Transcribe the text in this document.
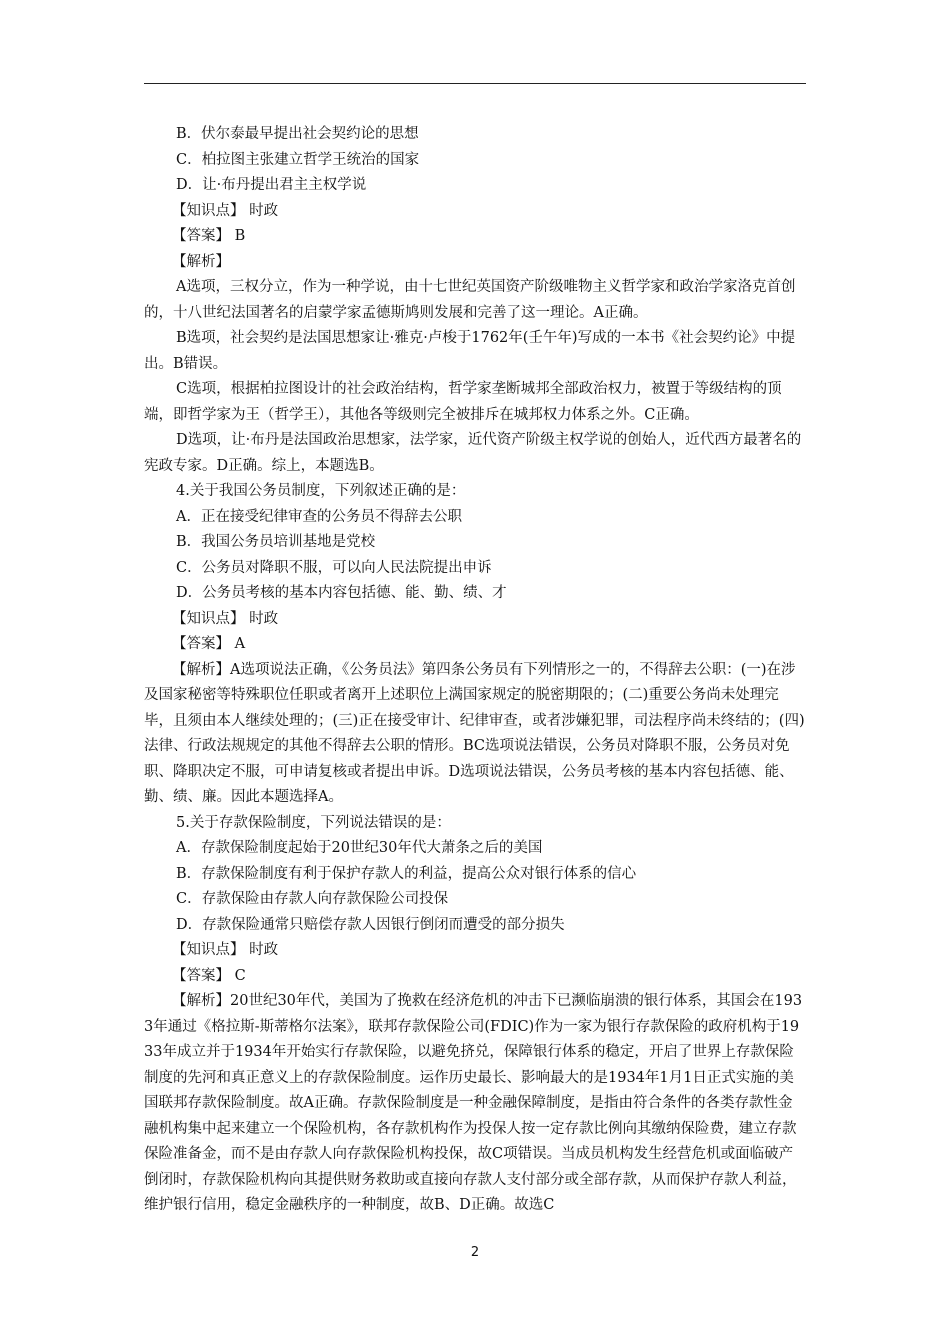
B．伏尔泰最早提出社会契约论的思想

C．柏拉图主张建立哲学王统治的国家

D．让·布丹提出君主主权学说

【知识点】 时政

【答案】 B

【解析】

A选项，三权分立，作为一种学说，由十七世纪英国资产阶级唯物主义哲学家和政治学家洛克首创的，十八世纪法国著名的启蒙学家孟德斯鸠则发展和完善了这一理论。A正确。

B选项，社会契约是法国思想家让·雅克·卢梭于1762年(壬午年)写成的一本书《社会契约论》中提出。B错误。

C选项，根据柏拉图设计的社会政治结构，哲学家垄断城邦全部政治权力，被置于等级结构的顶端，即哲学家为王（哲学王），其他各等级则完全被排斥在城邦权力体系之外。C正确。

D选项，让·布丹是法国政治思想家，法学家，近代资产阶级主权学说的创始人，近代西方最著名的宪政专家。D正确。综上，本题选B。

4.关于我国公务员制度，下列叙述正确的是：

A．正在接受纪律审查的公务员不得辞去公职

B．我国公务员培训基地是党校

C．公务员对降职不服，可以向人民法院提出申诉

D．公务员考核的基本内容包括德、能、勤、绩、才

【知识点】 时政

【答案】 A

【解析】A选项说法正确，《公务员法》第四条公务员有下列情形之一的，不得辞去公职：(一)在涉及国家秘密等特殊职位任职或者离开上述职位上满国家规定的脱密期限的；(二)重要公务尚未处理完毕，且须由本人继续处理的；(三)正在接受审计、纪律审查，或者涉嫌犯罪，司法程序尚未终结的；(四)法律、行政法规规定的其他不得辞去公职的情形。BC选项说法错误，公务员对降职不服，公务员对免职、降职决定不服，可申请复核或者提出申诉。D选项说法错误，公务员考核的基本内容包括德、能、勤、绩、廉。因此本题选择A。

5.关于存款保险制度，下列说法错误的是：

A．存款保险制度起始于20世纪30年代大萧条之后的美国

B．存款保险制度有利于保护存款人的利益，提高公众对银行体系的信心

C．存款保险由存款人向存款保险公司投保

D．存款保险通常只赔偿存款人因银行倒闭而遭受的部分损失

【知识点】 时政

【答案】 C

【解析】20世纪30年代，美国为了挽救在经济危机的冲击下已濒临崩溃的银行体系，其国会在1933年通过《格拉斯-斯蒂格尔法案》，联邦存款保险公司(FDIC)作为一家为银行存款保险的政府机构于1933年成立并于1934年开始实行存款保险，以避免挤兑，保障银行体系的稳定，开启了世界上存款保险制度的先河和真正意义上的存款保险制度。运作历史最长、影响最大的是1934年1月1日正式实施的美国联邦存款保险制度。故A正确。存款保险制度是一种金融保障制度，是指由符合条件的各类存款性金融机构集中起来建立一个保险机构，各存款机构作为投保人按一定存款比例向其缴纳保险费，建立存款保险准备金，而不是由存款人向存款保险机构投保，故C项错误。当成员机构发生经营危机或面临破产倒闭时，存款保险机构向其提供财务救助或直接向存款人支付部分或全部存款，从而保护存款人利益，维护银行信用，稳定金融秩序的一种制度，故B、D正确。故选C

2
